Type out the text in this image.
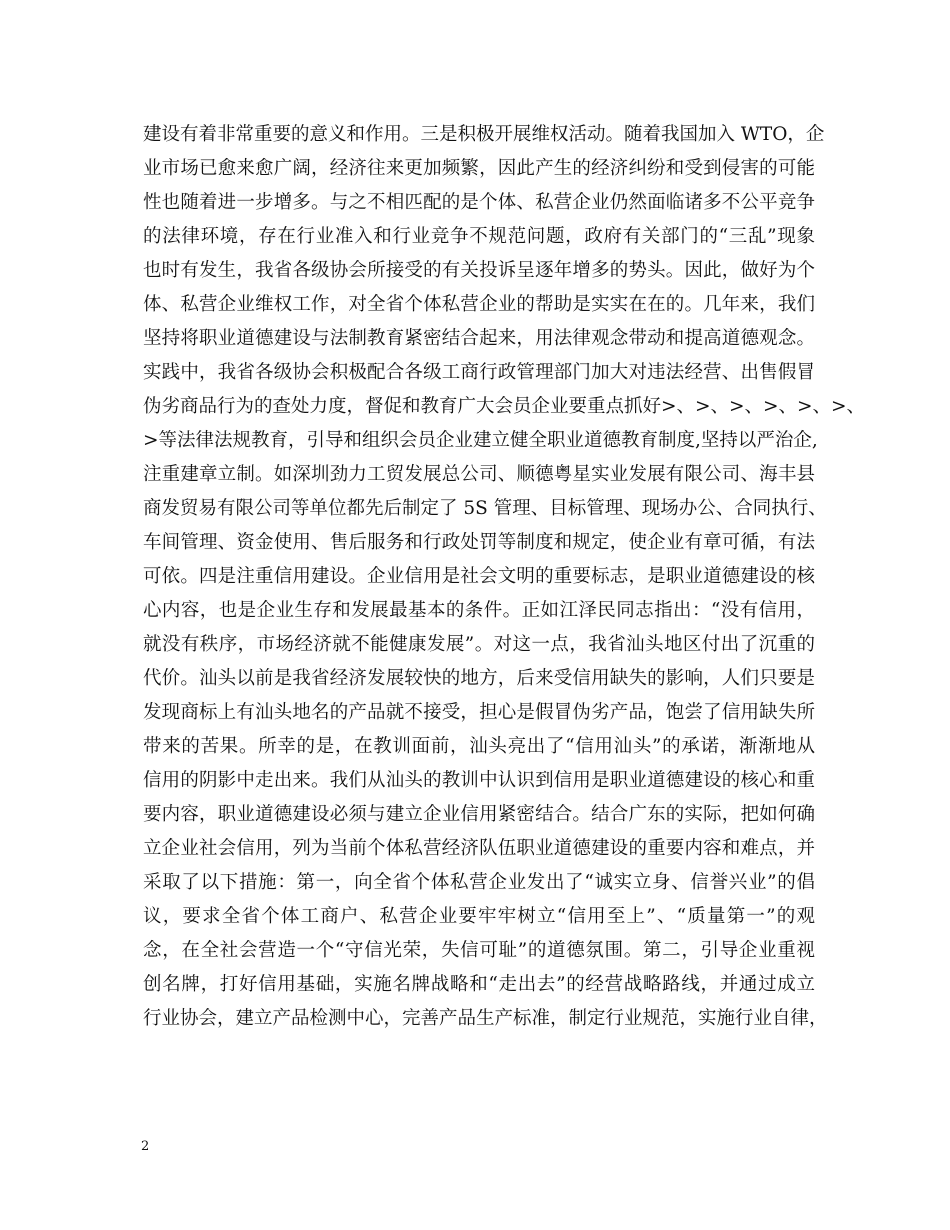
建设有着非常重要的意义和作用。三是积极开展维权活动。随着我国加入 WTO，企
业市场已愈来愈广阔，经济往来更加频繁，因此产生的经济纠纷和受到侵害的可能
性也随着进一步增多。与之不相匹配的是个体、私营企业仍然面临诸多不公平竞争
的法律环境，存在行业准入和行业竞争不规范问题，政府有关部门的“三乱”现象
也时有发生，我省各级协会所接受的有关投诉呈逐年增多的势头。因此，做好为个
体、私营企业维权工作，对全省个体私营企业的帮助是实实在在的。几年来，我们
坚持将职业道德建设与法制教育紧密结合起来，用法律观念带动和提高道德观念。
实践中，我省各级协会积极配合各级工商行政管理部门加大对违法经营、出售假冒
伪劣商品行为的查处力度，督促和教育广大会员企业要重点抓好>、>、>、>、>、>、
>等法律法规教育，引导和组织会员企业建立健全职业道德教育制度,坚持以严治企,
注重建章立制。如深圳劲力工贸发展总公司、顺德粤星实业发展有限公司、海丰县
商发贸易有限公司等单位都先后制定了 5S 管理、目标管理、现场办公、合同执行、
车间管理、资金使用、售后服务和行政处罚等制度和规定，使企业有章可循，有法
可依。四是注重信用建设。企业信用是社会文明的重要标志，是职业道德建设的核
心内容，也是企业生存和发展最基本的条件。正如江泽民同志指出：“没有信用，
就没有秩序，市场经济就不能健康发展”。对这一点，我省汕头地区付出了沉重的
代价。汕头以前是我省经济发展较快的地方，后来受信用缺失的影响，人们只要是
发现商标上有汕头地名的产品就不接受，担心是假冒伪劣产品，饱尝了信用缺失所
带来的苦果。所幸的是，在教训面前，汕头亮出了“信用汕头”的承诺，渐渐地从
信用的阴影中走出来。我们从汕头的教训中认识到信用是职业道德建设的核心和重
要内容，职业道德建设必须与建立企业信用紧密结合。结合广东的实际，把如何确
立企业社会信用，列为当前个体私营经济队伍职业道德建设的重要内容和难点，并
采取了以下措施：第一，向全省个体私营企业发出了“诚实立身、信誉兴业”的倡
议，要求全省个体工商户、私营企业要牢牢树立“信用至上”、“质量第一”的观
念，在全社会营造一个“守信光荣，失信可耻”的道德氛围。第二，引导企业重视
创名牌，打好信用基础，实施名牌战略和“走出去”的经营战略路线，并通过成立
行业协会，建立产品检测中心，完善产品生产标准，制定行业规范，实施行业自律，
2
